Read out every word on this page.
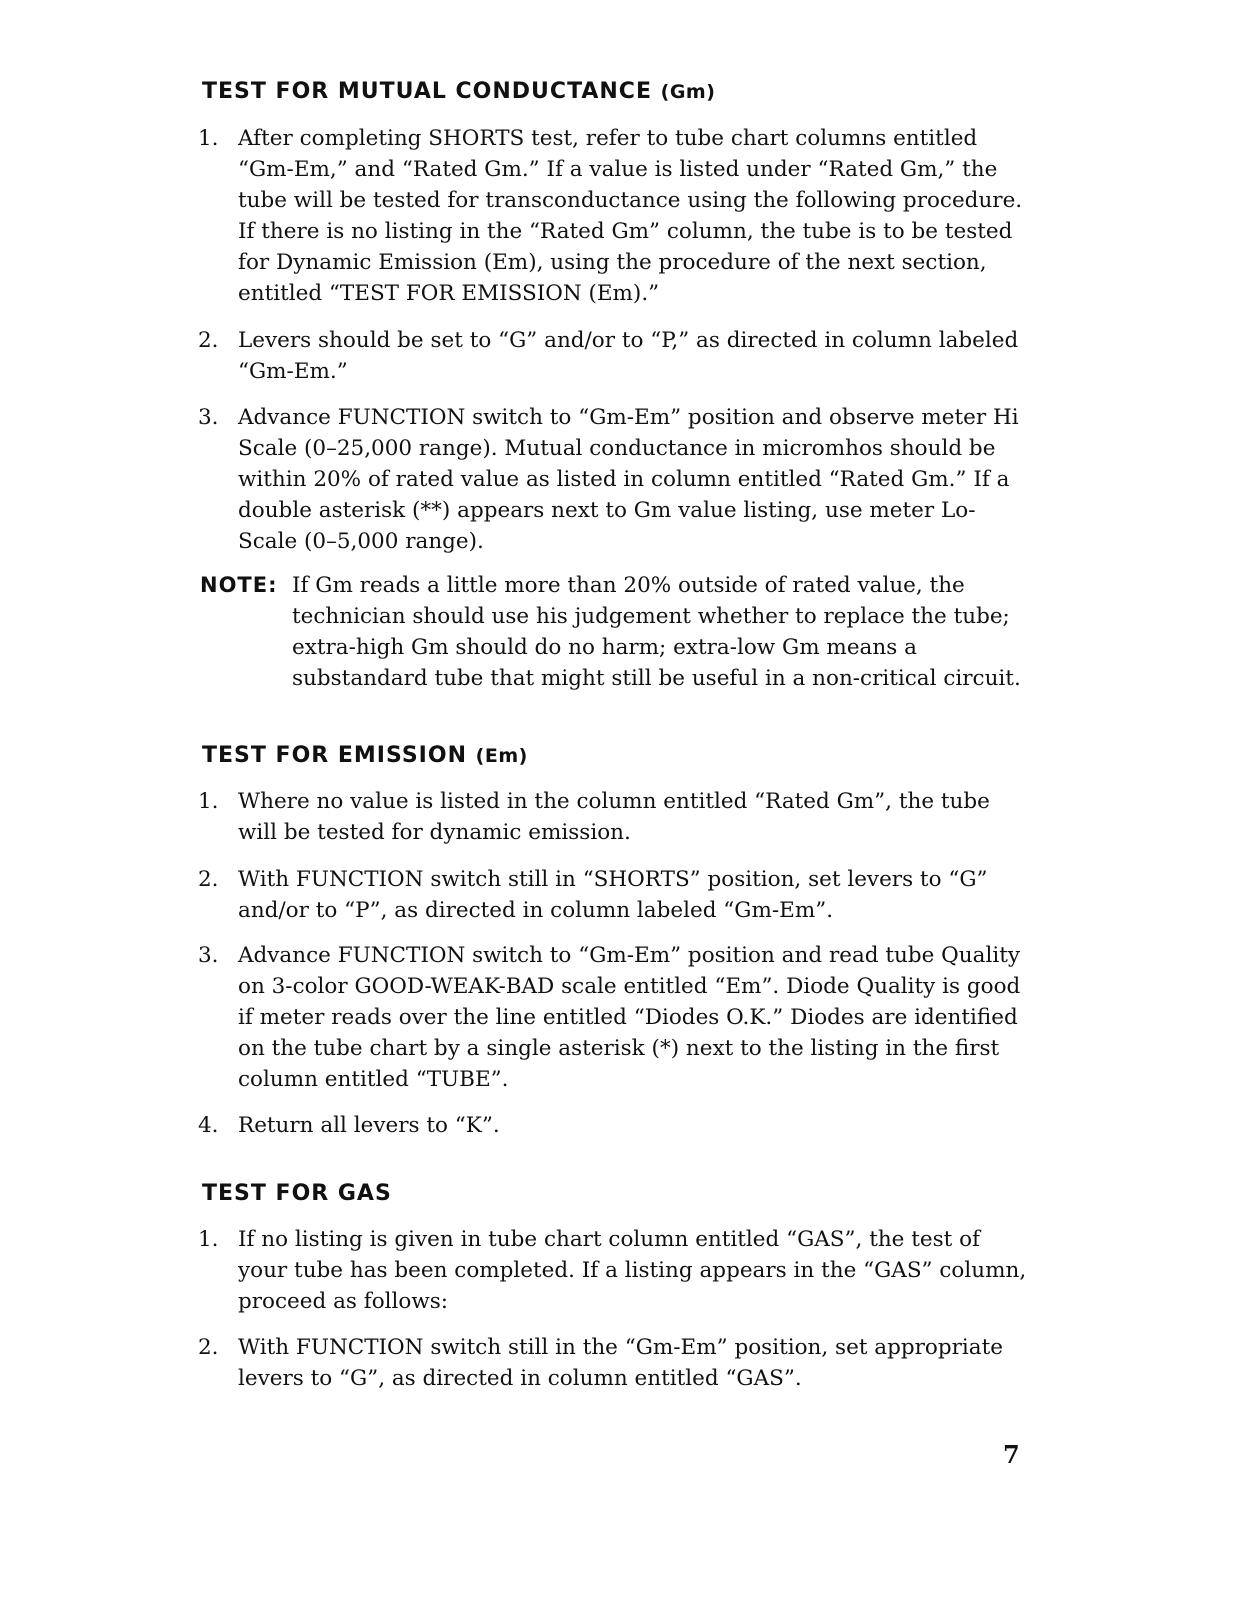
TEST FOR MUTUAL CONDUCTANCE (Gm)
1. After completing SHORTS test, refer to tube chart columns entitled “Gm-Em,” and “Rated Gm.” If a value is listed under “Rated Gm,” the tube will be tested for transconductance using the following procedure. If there is no listing in the “Rated Gm” column, the tube is to be tested for Dynamic Emission (Em), using the procedure of the next section, entitled “TEST FOR EMISSION (Em).”
2. Levers should be set to “G” and/or to “P,” as directed in column labeled “Gm-Em.”
3. Advance FUNCTION switch to “Gm-Em” position and observe meter Hi Scale (0–25,000 range). Mutual conductance in micromhos should be within 20% of rated value as listed in column entitled “Rated Gm.” If a double asterisk (**) appears next to Gm value listing, use meter Lo-Scale (0–5,000 range).
NOTE: If Gm reads a little more than 20% outside of rated value, the technician should use his judgement whether to replace the tube; extra-high Gm should do no harm; extra-low Gm means a substandard tube that might still be useful in a non-critical circuit.
TEST FOR EMISSION (Em)
1. Where no value is listed in the column entitled “Rated Gm”, the tube will be tested for dynamic emission.
2. With FUNCTION switch still in “SHORTS” position, set levers to “G” and/or to “P”, as directed in column labeled “Gm-Em”.
3. Advance FUNCTION switch to “Gm-Em” position and read tube Quality on 3-color GOOD-WEAK-BAD scale entitled “Em”. Diode Quality is good if meter reads over the line entitled “Diodes O.K.” Diodes are identified on the tube chart by a single asterisk (*) next to the listing in the first column entitled “TUBE”.
4. Return all levers to “K”.
TEST FOR GAS
1. If no listing is given in tube chart column entitled “GAS”, the test of your tube has been completed. If a listing appears in the “GAS” column, proceed as follows:
2. With FUNCTION switch still in the “Gm-Em” position, set appropriate levers to “G”, as directed in column entitled “GAS”.
7
